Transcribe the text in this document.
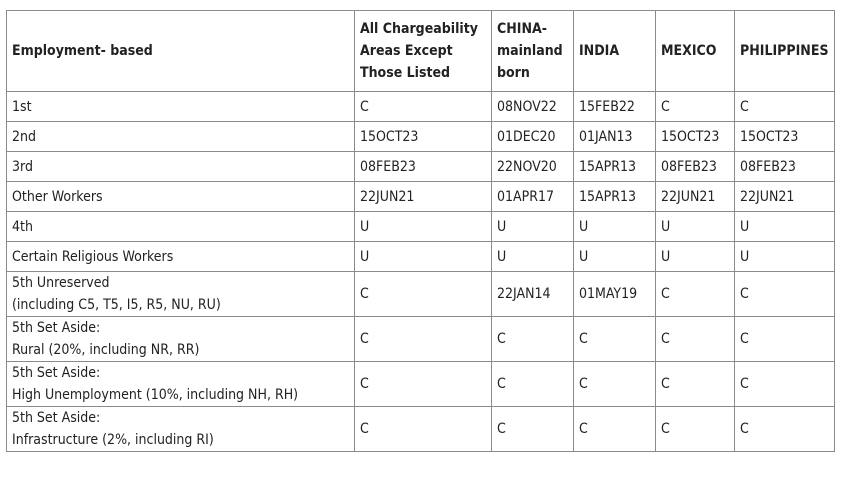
Employment- based	All Chargeability Areas Except Those Listed	CHINA- mainland born	INDIA	MEXICO	PHILIPPINES

1st	C	08NOV22	15FEB22	C	C

2nd	15OCT23	01DEC20	01JAN13	15OCT23	15OCT23

3rd	08FEB23	22NOV20	15APR13	08FEB23	08FEB23

Other Workers	22JUN21	01APR17	15APR13	22JUN21	22JUN21

4th	U	U	U	U	U

Certain Religious Workers	U	U	U	U	U

5th Unreserved
(including C5, T5, I5, R5, NU, RU)	C	22JAN14	01MAY19	C	C

5th Set Aside:
Rural (20%, including NR, RR)	C	C	C	C	C

5th Set Aside:
High Unemployment (10%, including NH, RH)	C	C	C	C	C

5th Set Aside:
Infrastructure (2%, including RI)	C	C	C	C	C
